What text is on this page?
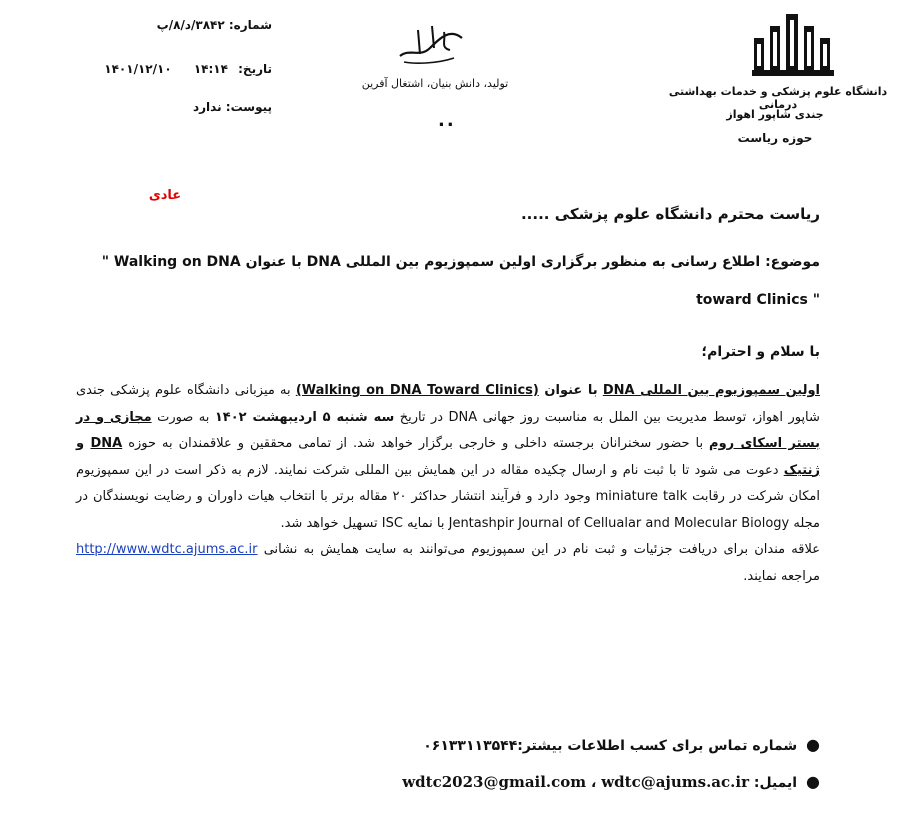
شماره: ۳۸۴۲/د/۸/پ
تاریخ: ۱۴:۱۴ ۱۴۰۱/۱۲/۱۰
پیوست: ندارد
تولید، دانش بنیان، اشتغال آفرین
..
دانشگاه علوم پزشکی و خدمات بهداشتی درمانی
جندی شاپور اهواز
حوزه ریاست
عادی
ریاست محترم دانشگاه علوم پزشکی .....
موضوع: اطلاع رسانی به منظور برگزاری اولین سمپوزیوم بین المللی DNA با عنوان " Walking on DNA toward Clinics "
با سلام و احترام؛
اولین سمپوزیوم بین المللی DNA با عنوان (Walking on DNA Toward Clinics) به میزبانی دانشگاه علوم پزشکی جندی شاپور اهواز، توسط مدیریت بین الملل به مناسبت روز جهانی DNA در تاریخ سه شنبه ۵ اردیبهشت ۱۴۰۲ به صورت مجازی و در بستر اسکای روم با حضور سخنرانان برجسته داخلی و خارجی برگزار خواهد شد. از تمامی محققین و علاقمندان به حوزه DNA و ژنتیک دعوت می شود تا با ثبت نام و ارسال چکیده مقاله در این همایش بین المللی شرکت نمایند. لازم به ذکر است در این سمپوزیوم امکان شرکت در رقابت miniature talk وجود دارد و فرآیند انتشار حداکثر ۲۰ مقاله برتر با انتخاب هیات داوران و رضایت نویسندگان در مجله Jentashpir Journal of Cellualar and Molecular Biology با نمایه ISC تسهیل خواهد شد.
علاقه مندان برای دریافت جزئیات و ثبت نام در این سمپوزیوم می‌توانند به سایت همایش به نشانی http://www.wdtc.ajums.ac.ir مراجعه نمایند.
● شماره تماس برای کسب اطلاعات بیشتر:۰۶۱۳۳۱۱۳۵۴۴
● ایمیل: wdtc2023@gmail.com ، wdtc@ajums.ac.ir
